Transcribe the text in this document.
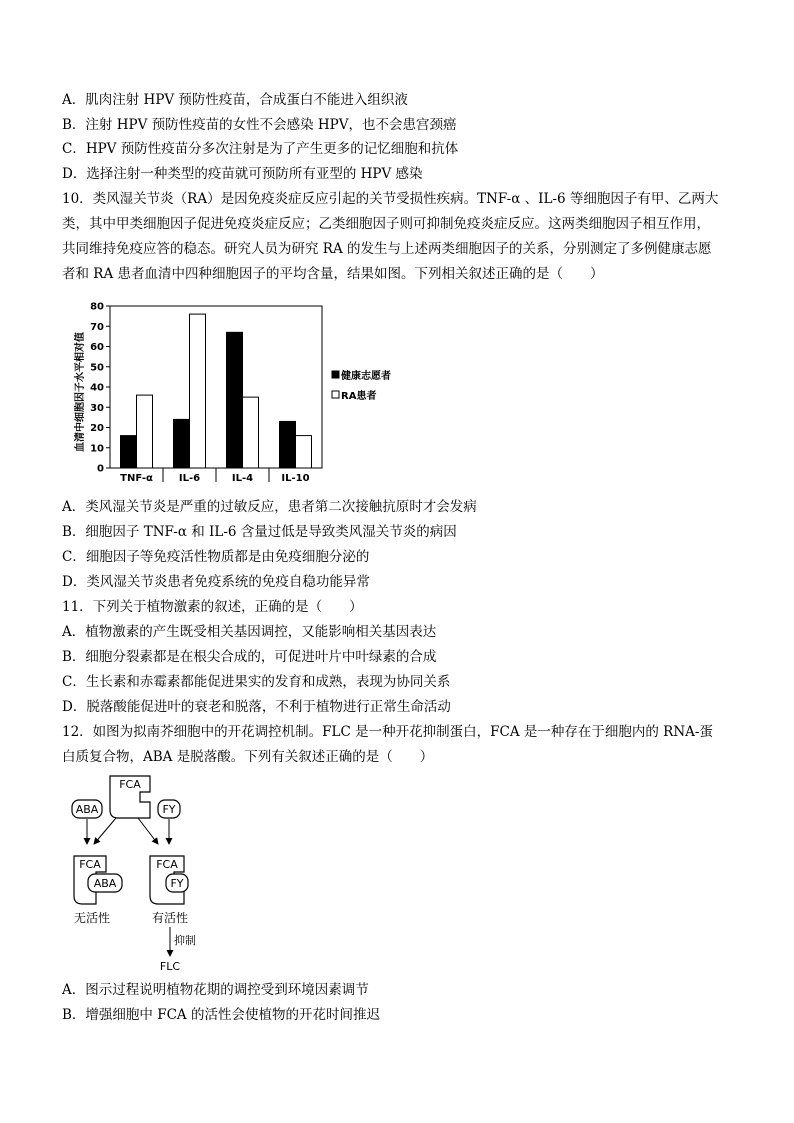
A．肌肉注射 HPV 预防性疫苗，合成蛋白不能进入组织液
B．注射 HPV 预防性疫苗的女性不会感染 HPV，也不会患宫颈癌
C．HPV 预防性疫苗分多次注射是为了产生更多的记忆细胞和抗体
D．选择注射一种类型的疫苗就可预防所有亚型的 HPV 感染
10．类风湿关节炎（RA）是因免疫炎症反应引起的关节受损性疾病。TNF-α 、IL-6 等细胞因子有甲、乙两大
类，其中甲类细胞因子促进免疫炎症反应；乙类细胞因子则可抑制免疫炎症反应。这两类细胞因子相互作用，
共同维持免疫应答的稳态。研究人员为研究 RA 的发生与上述两类细胞因子的关系，分别测定了多例健康志愿
者和 RA 患者血清中四种细胞因子的平均含量，结果如图。下列相关叙述正确的是（　　）
血清中细胞因子水平相对值
0
10
20
30
40
50
60
70
80
TNF-α	IL-6	IL-4	IL-10
健康志愿者
RA患者
A．类风湿关节炎是严重的过敏反应，患者第二次接触抗原时才会发病
B．细胞因子 TNF-α 和 IL-6 含量过低是导致类风湿关节炎的病因
C．细胞因子等免疫活性物质都是由免疫细胞分泌的
D．类风湿关节炎患者免疫系统的免疫自稳功能异常
11．下列关于植物激素的叙述，正确的是（　　）
A．植物激素的产生既受相关基因调控，又能影响相关基因表达
B．细胞分裂素都是在根尖合成的，可促进叶片中叶绿素的合成
C．生长素和赤霉素都能促进果实的发育和成熟，表现为协同关系
D．脱落酸能促进叶的衰老和脱落，不利于植物进行正常生命活动
12．如图为拟南芥细胞中的开花调控机制。FLC 是一种开花抑制蛋白，FCA 是一种存在于细胞内的 RNA-蛋
白质复合物，ABA 是脱落酸。下列有关叙述正确的是（　　）
FCA
ABA	FY
FCA
ABA
FCA
FY
无活性	有活性
抑制
FLC
A．图示过程说明植物花期的调控受到环境因素调节
B．增强细胞中 FCA 的活性会使植物的开花时间推迟
